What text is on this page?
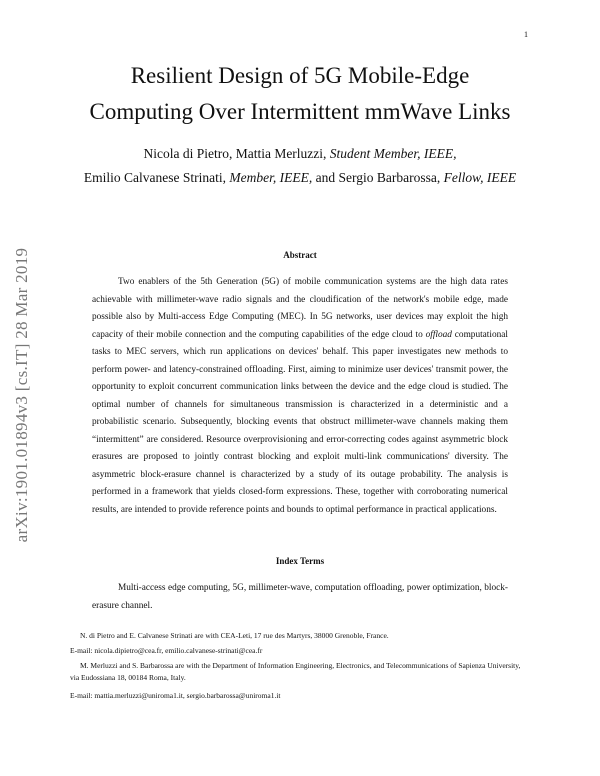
1
arXiv:1901.01894v3 [cs.IT] 28 Mar 2019
Resilient Design of 5G Mobile-Edge
Computing Over Intermittent mmWave Links
Nicola di Pietro, Mattia Merluzzi, Student Member, IEEE,
Emilio Calvanese Strinati, Member, IEEE, and Sergio Barbarossa, Fellow, IEEE
Abstract

Two enablers of the 5th Generation (5G) of mobile communication systems are the high data rates achievable with millimeter-wave radio signals and the cloudification of the network's mobile edge, made possible also by Multi-access Edge Computing (MEC). In 5G networks, user devices may exploit the high capacity of their mobile connection and the computing capabilities of the edge cloud to offload computational tasks to MEC servers, which run applications on devices' behalf. This paper investigates new methods to perform power- and latency-constrained offloading. First, aiming to minimize user devices' transmit power, the opportunity to exploit concurrent communication links between the device and the edge cloud is studied. The optimal number of channels for simultaneous transmission is characterized in a deterministic and a probabilistic scenario. Subsequently, blocking events that obstruct millimeter-wave channels making them “intermittent” are considered. Resource overprovisioning and error-correcting codes against asymmetric block erasures are proposed to jointly contrast blocking and exploit multi-link communications' diversity. The asymmetric block-erasure channel is characterized by a study of its outage probability. The analysis is performed in a framework that yields closed-form expressions. These, together with corroborating numerical results, are intended to provide reference points and bounds to optimal performance in practical applications.

Index Terms

Multi-access edge computing, 5G, millimeter-wave, computation offloading, power optimization, block-erasure channel.

N. di Pietro and E. Calvanese Strinati are with CEA-Leti, 17 rue des Martyrs, 38000 Grenoble, France.

E-mail: nicola.dipietro@cea.fr, emilio.calvanese-strinati@cea.fr

M. Merluzzi and S. Barbarossa are with the Department of Information Engineering, Electronics, and Telecommunications of Sapienza University, via Eudossiana 18, 00184 Roma, Italy.

E-mail: mattia.merluzzi@uniroma1.it, sergio.barbarossa@uniroma1.it
